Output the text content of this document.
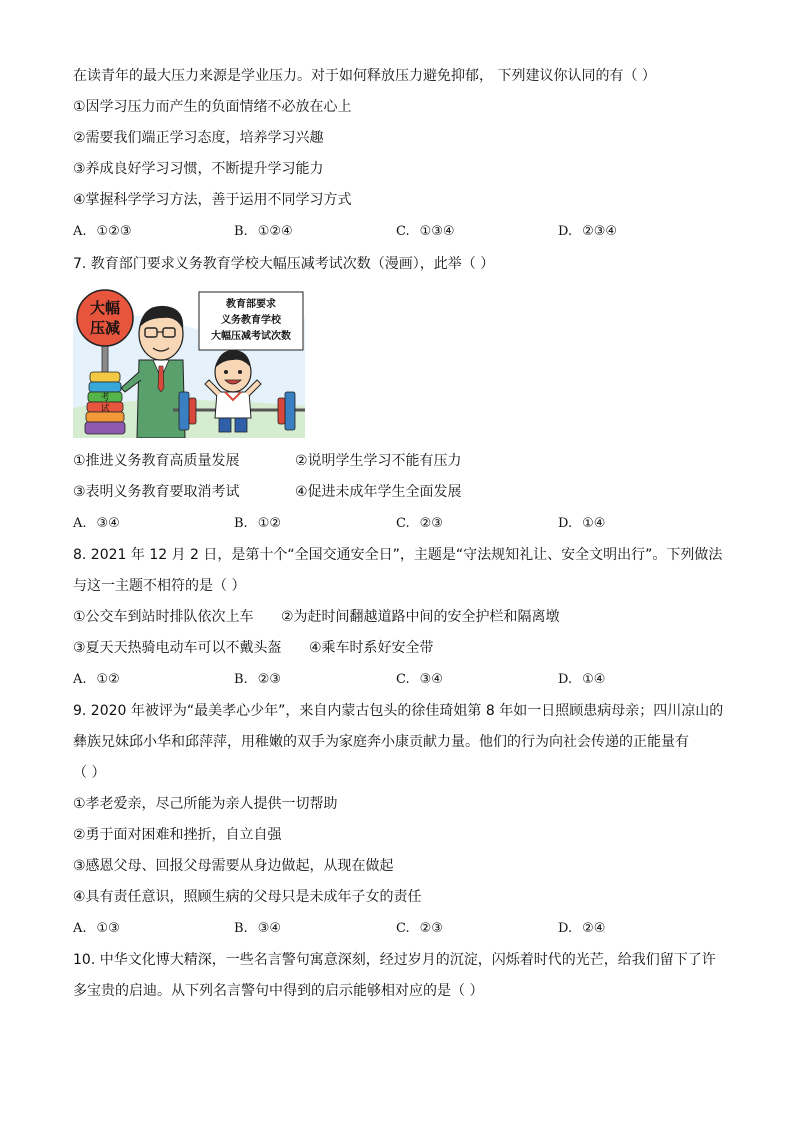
在读青年的最大压力来源是学业压力。对于如何释放压力避免抑郁， 下列建议你认同的有（ ）
①因学习压力而产生的负面情绪不必放在心上
②需要我们端正学习态度，培养学习兴趣
③养成良好学习习惯，不断提升学习能力
④掌握科学学习方法，善于运用不同学习方式
A. ①②③	B. ①②④	C. ①③④	D. ②③④
7. 教育部门要求义务教育学校大幅压减考试次数（漫画），此举（ ）
大幅
压减
考
试
教育部要求
义务教育学校
大幅压减考试次数
①推进义务教育高质量发展	②说明学生学习不能有压力
③表明义务教育要取消考试	④促进未成年学生全面发展
A. ③④	B. ①②	C. ②③	D. ①④
8. 2021 年 12 月 2 日，是第十个“全国交通安全日”，主题是“守法规知礼让、安全文明出行”。下列做法
与这一主题不相符的是（ ）
①公交车到站时排队依次上车 ②为赶时间翻越道路中间的安全护栏和隔离墩
③夏天天热骑电动车可以不戴头盔 ④乘车时系好安全带
A. ①②	B. ②③	C. ③④	D. ①④
9. 2020 年被评为“最美孝心少年”，来自内蒙古包头的徐佳琦姐第 8 年如一日照顾患病母亲；四川凉山的
彝族兄妹邱小华和邱萍萍，用稚嫩的双手为家庭奔小康贡献力量。他们的行为向社会传递的正能量有
（ ）
①孝老爱亲，尽己所能为亲人提供一切帮助
②勇于面对困难和挫折，自立自强
③感恩父母、回报父母需要从身边做起，从现在做起
④具有责任意识，照顾生病的父母只是未成年子女的责任
A. ①③	B. ③④	C. ②③	D. ②④
10. 中华文化博大精深，一些名言警句寓意深刻，经过岁月的沉淀，闪烁着时代的光芒，给我们留下了许
多宝贵的启迪。从下列名言警句中得到的启示能够相对应的是（ ）
